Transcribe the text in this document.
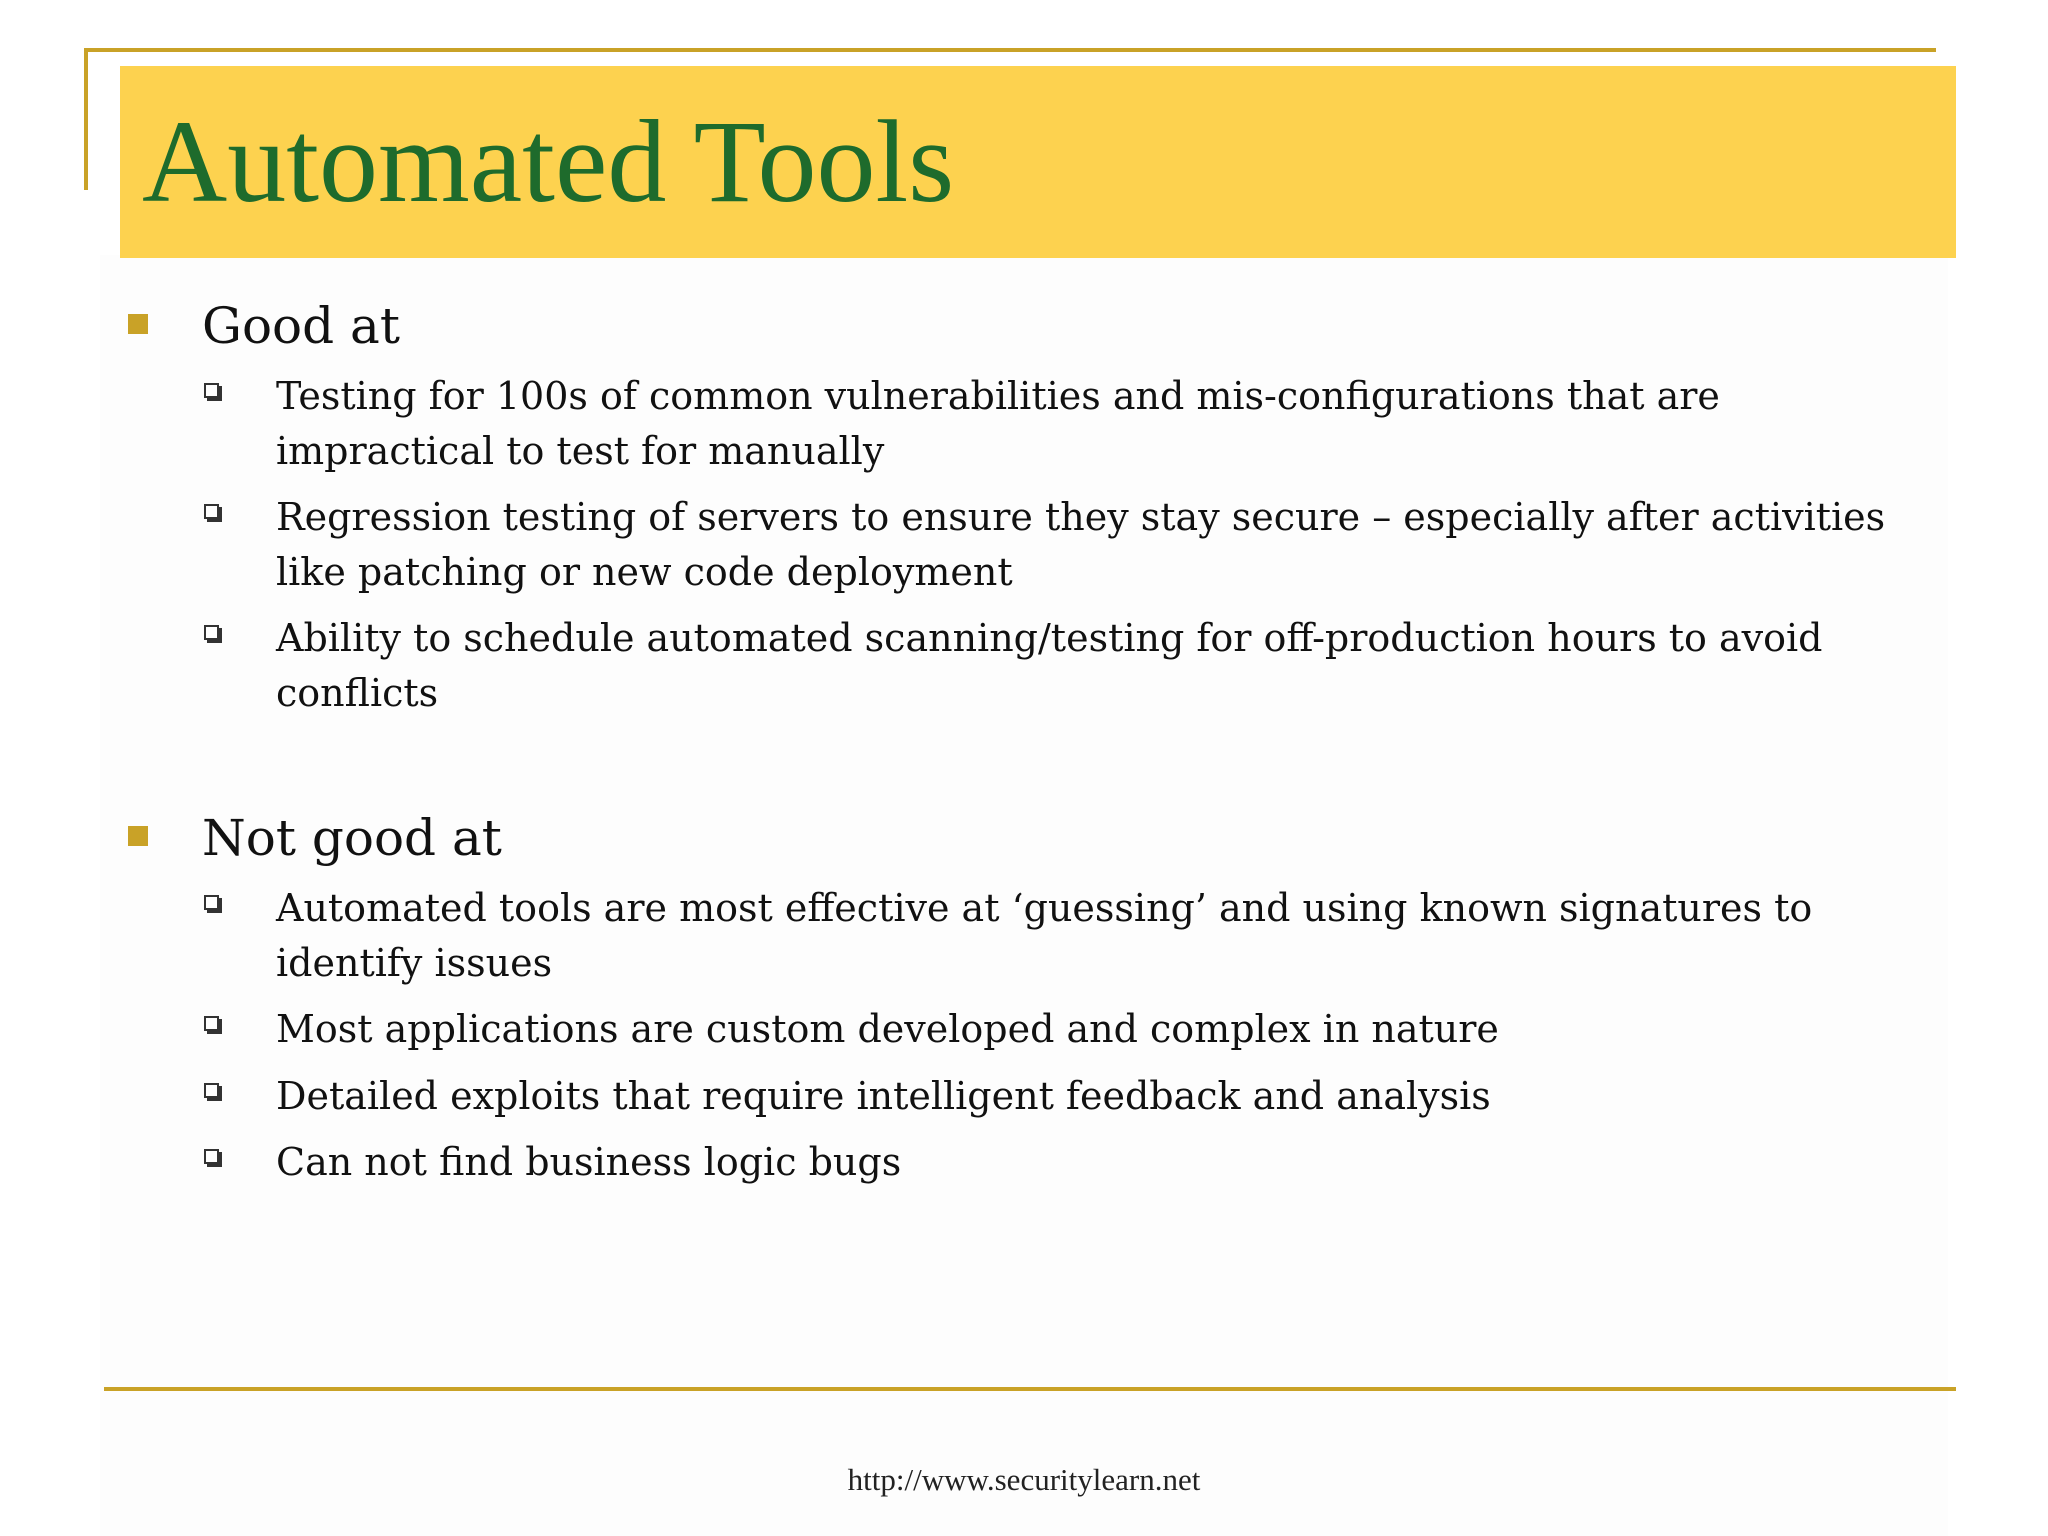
Automated Tools
Good at
Testing for 100s of common vulnerabilities and mis-configurations that are impractical to test for manually
Regression testing of servers to ensure they stay secure – especially after activities like patching or new code deployment
Ability to schedule automated scanning/testing for off-production hours to avoid conflicts
Not good at
Automated tools are most effective at ‘guessing’ and using known signatures to identify issues
Most applications are custom developed and complex in nature
Detailed exploits that require intelligent feedback and analysis
Can not find business logic bugs
http://www.securitylearn.net
